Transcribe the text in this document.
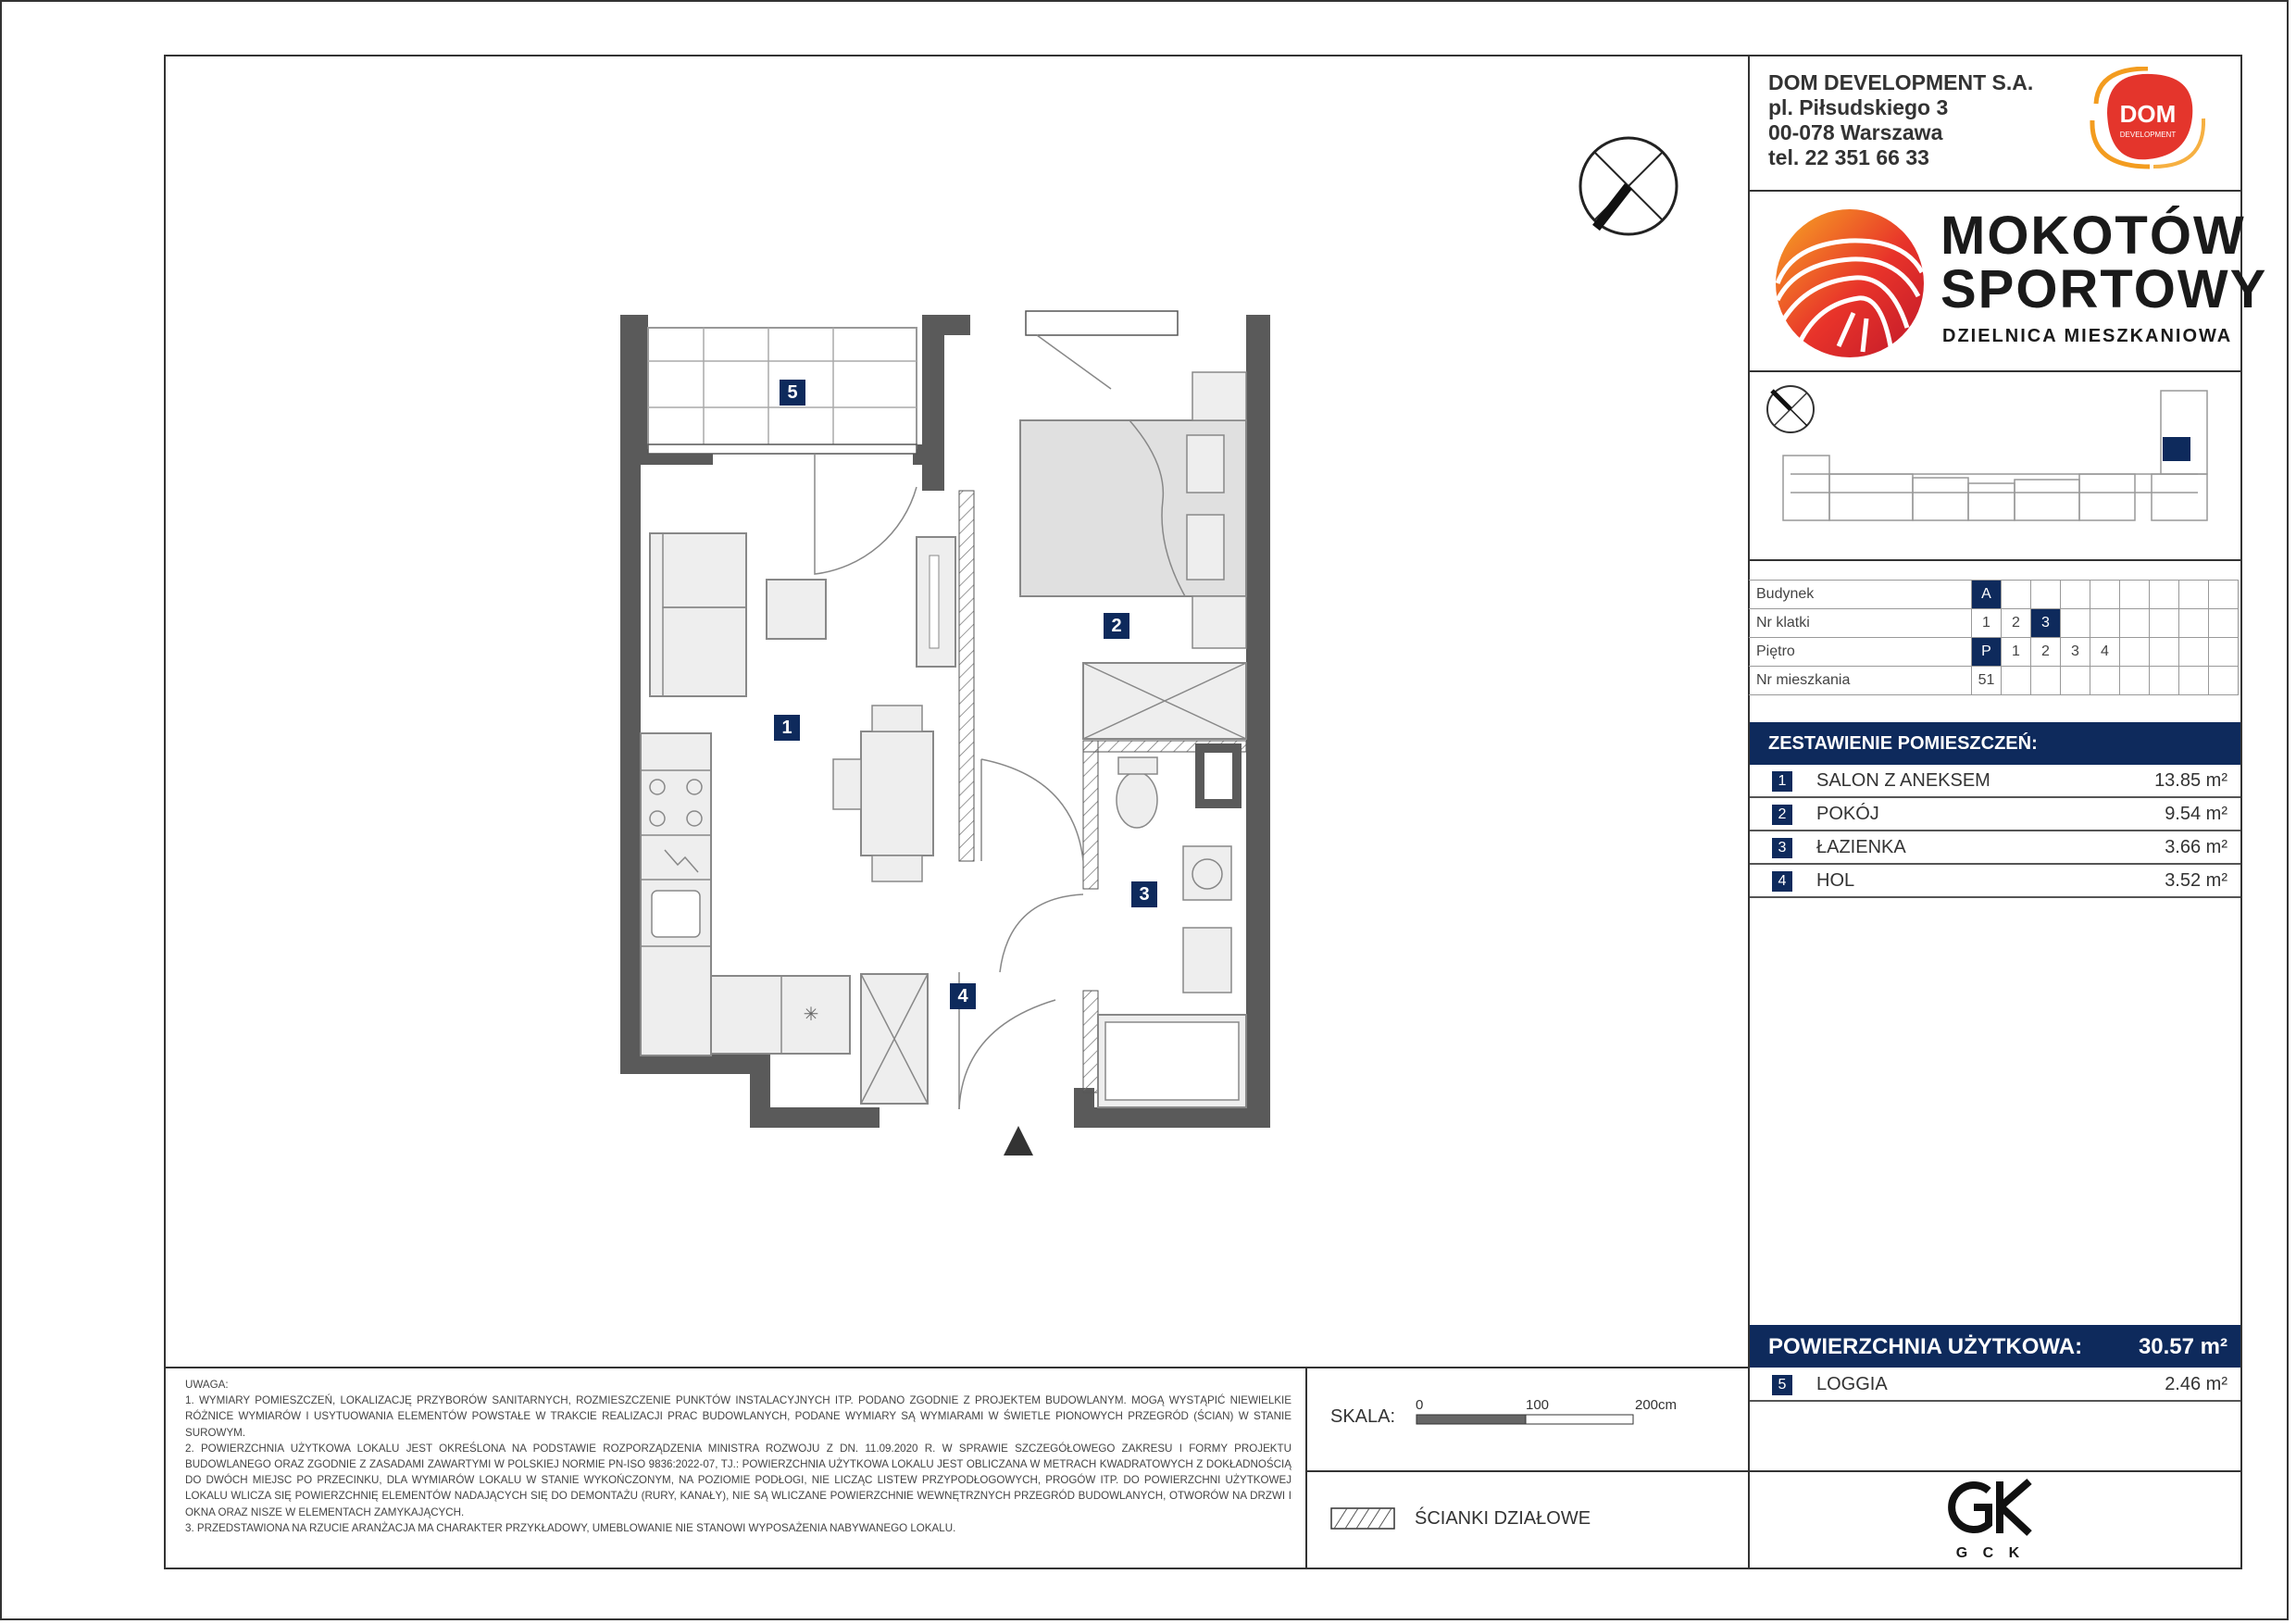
DOM DEVELOPMENT S.A.
pl. Piłsudskiego 3
00-078 Warszawa
tel. 22 351 66 33
DOM
DEVELOPMENT
MOKOTÓW
SPORTOWY
DZIELNICA MIESZKANIOWA
Budynek	A								
Nr klatki	1	2	3						
Piętro	P	1	2	3	4				
Nr mieszkania	51								
ZESTAWIENIE POMIESZCZEŃ:
1	SALON Z ANEKSEM	13.85 m²
2	POKÓJ	9.54 m²
3	ŁAZIENKA	3.66 m²
4	HOL	3.52 m²
POWIERZCHNIA UŻYTKOWA:	30.57 m²
5	LOGGIA	2.46 m²

UWAGA:

1. WYMIARY POMIESZCZEŃ, LOKALIZACJĘ PRZYBORÓW SANITARNYCH, ROZMIESZCZENIE PUNKTÓW INSTALACYJNYCH ITP. PODANO ZGODNIE Z PROJEKTEM BUDOWLANYM. MOGĄ WYSTĄPIĆ NIEWIELKIE RÓŻNICE WYMIARÓW I USYTUOWANIA ELEMENTÓW POWSTAŁE W TRAKCIE REALIZACJI PRAC BUDOWLANYCH, PODANE WYMIARY SĄ WYMIARAMI W ŚWIETLE PIONOWYCH PRZEGRÓD (ŚCIAN) W STANIE SUROWYM.

2. POWIERZCHNIA UŻYTKOWA LOKALU JEST OKREŚLONA NA PODSTAWIE ROZPORZĄDZENIA MINISTRA ROZWOJU Z DN. 11.09.2020 R. W SPRAWIE SZCZEGÓŁOWEGO ZAKRESU I FORMY PROJEKTU BUDOWLANEGO ORAZ ZGODNIE Z ZASADAMI ZAWARTYMI W POLSKIEJ NORMIE PN-ISO 9836:2022-07, TJ.: POWIERZCHNIA UŻYTKOWA LOKALU JEST OBLICZANA W METRACH KWADRATOWYCH Z DOKŁADNOŚCIĄ DO DWÓCH MIEJSC PO PRZECINKU, DLA WYMIARÓW LOKALU W STANIE WYKOŃCZONYM, NA POZIOMIE PODŁOGI, NIE LICZĄC LISTEW PRZYPODŁOGOWYCH, PROGÓW ITP. DO POWIERZCHNI UŻYTKOWEJ LOKALU WLICZA SIĘ POWIERZCHNIĘ ELEMENTÓW NADAJĄCYCH SIĘ DO DEMONTAŻU (RURY, KANAŁY), NIE SĄ WLICZANE POWIERZCHNIE WEWNĘTRZNYCH PRZEGRÓD BUDOWLANYCH, OTWORÓW NA DRZWI I OKNA ORAZ NISZE W ELEMENTACH ZAMYKAJĄCYCH.

3. PRZEDSTAWIONA NA RZUCIE ARANŻACJA MA CHARAKTER PRZYKŁADOWY, UMEBLOWANIE NIE STANOWI WYPOSAŻENIA NABYWANEGO LOKALU.

SKALA:
0	100	200cm
ŚCIANKI DZIAŁOWE
G C K
✳
5
1
2
3
4
